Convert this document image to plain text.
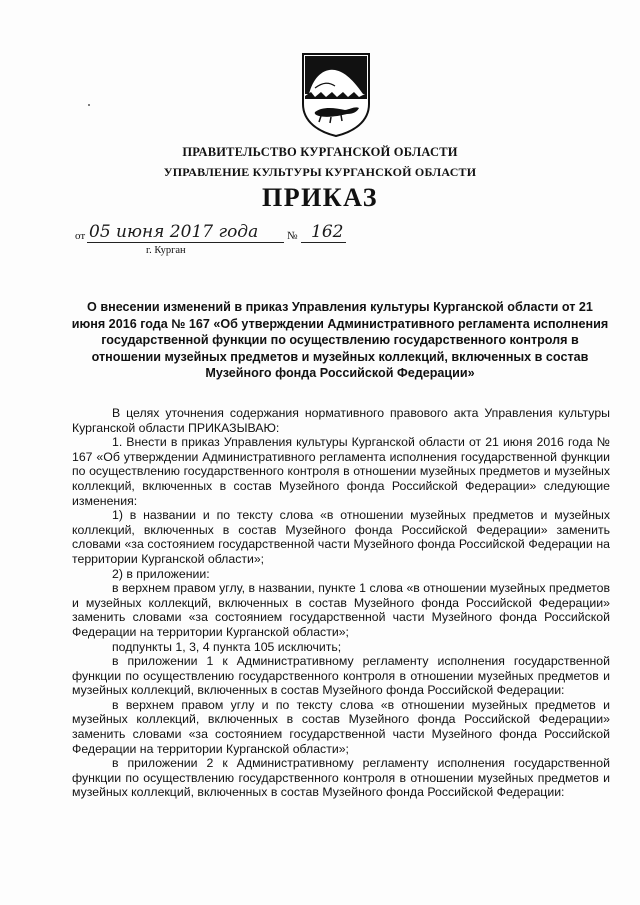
ПРАВИТЕЛЬСТВО КУРГАНСКОЙ ОБЛАСТИ
УПРАВЛЕНИЕ КУЛЬТУРЫ КУРГАНСКОЙ ОБЛАСТИ
ПРИКАЗ
от 05 июня 2017 года	№ 162
г. Курган
О внесении изменений в приказ Управления культуры Курганской области от 21 июня 2016 года № 167 «Об утверждении Административного регламента исполнения государственной функции по осуществлению государственного контроля в отношении музейных предметов и музейных коллекций, включенных в состав Музейного фонда Российской Федерации»

В целях уточнения содержания нормативного правового акта Управления культуры Курганской области ПРИКАЗЫВАЮ:

1. Внести в приказ Управления культуры Курганской области от 21 июня 2016 года № 167 «Об утверждении Административного регламента исполнения государственной функции по осуществлению государственного контроля в отношении музейных предметов и музейных коллекций, включенных в состав Музейного фонда Российской Федерации» следующие изменения:

1) в названии и по тексту слова «в отношении музейных предметов и музейных коллекций, включенных в состав Музейного фонда Российской Федерации» заменить словами «за состоянием государственной части Музейного фонда Российской Федерации на территории Курганской области»;

2) в приложении:

в верхнем правом углу, в названии, пункте 1 слова «в отношении музейных предметов и музейных коллекций, включенных в состав Музейного фонда Российской Федерации» заменить словами «за состоянием государственной части Музейного фонда Российской Федерации на территории Курганской области»;

подпункты 1, 3, 4 пункта 105 исключить;

в приложении 1 к Административному регламенту исполнения государственной функции по осуществлению государственного контроля в отношении музейных предметов и музейных коллекций, включенных в состав Музейного фонда Российской Федерации:

в верхнем правом углу и по тексту слова «в отношении музейных предметов и музейных коллекций, включенных в состав Музейного фонда Российской Федерации» заменить словами «за состоянием государственной части Музейного фонда Российской Федерации на территории Курганской области»;

в приложении 2 к Административному регламенту исполнения государственной функции по осуществлению государственного контроля в отношении музейных предметов и музейных коллекций, включенных в состав Музейного фонда Российской Федерации:
